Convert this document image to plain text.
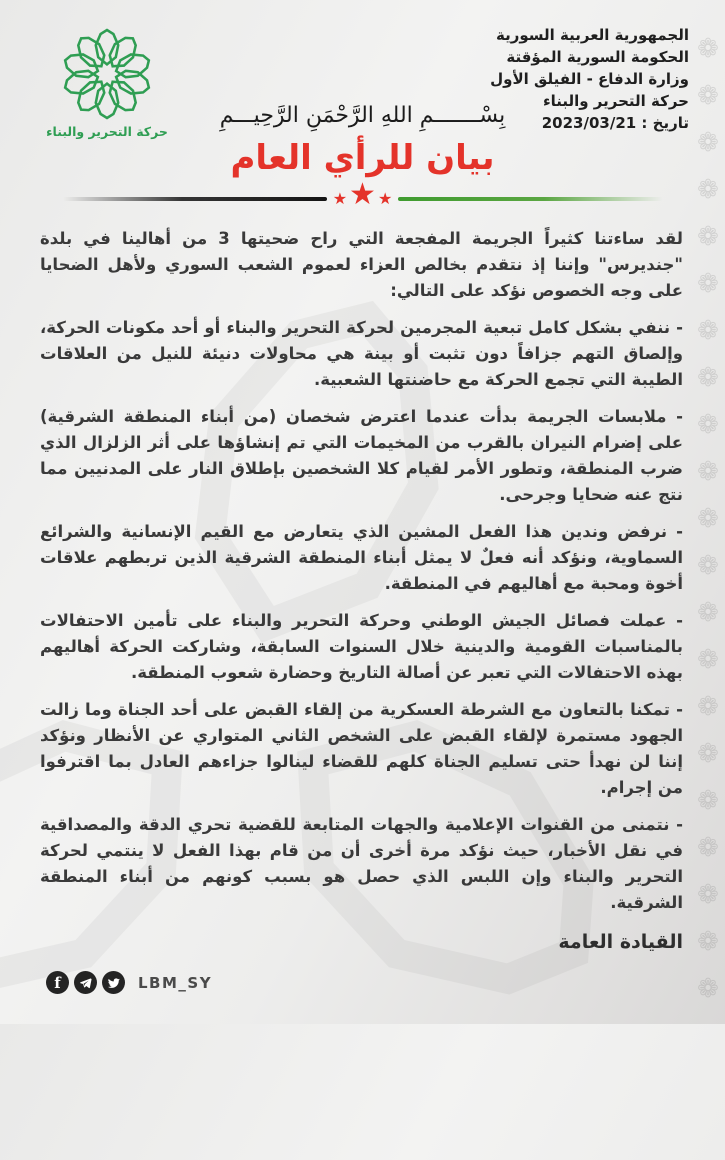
❁
❁
❁
❁
❁
❁
❁
❁
❁
❁
❁
❁
❁
❁
❁
❁
❁
❁
❁
❁
❁
الجمهورية العربية السورية
الحكومة السورية المؤقتة
وزارة الدفاع - الفيلق الأول
حركة التحرير والبناء
تاريخ : 2023/03/21
حركة التحرير والبناء
بِسْـــــــمِ اللهِ الرَّحْمَنِ الرَّحِيـــمِ
بيان للرأي العام
★ ★ ★

لقد ساءتنا كثيراً الجريمة المفجعة التي راح ضحيتها 3 من أهالينا في بلدة "جنديرس" وإننا إذ نتقدم بخالص العزاء لعموم الشعب السوري ولأهل الضحايا على وجه الخصوص نؤكد على التالي:

- ننفي بشكل كامل تبعية المجرمين لحركة التحرير والبناء أو أحد مكونات الحركة، وإلصاق التهم جزافاً دون تثبت أو بينة هي محاولات دنيئة للنيل من العلاقات الطيبة التي تجمع الحركة مع حاضنتها الشعبية.

- ملابسات الجريمة بدأت عندما اعترض شخصان (من أبناء المنطقة الشرقية) على إضرام النيران بالقرب من المخيمات التي تم إنشاؤها على أثر الزلزال الذي ضرب المنطقة، وتطور الأمر لقيام كلا الشخصين بإطلاق النار على المدنيين مما نتج عنه ضحايا وجرحى.

- نرفض وندين هذا الفعل المشين الذي يتعارض مع القيم الإنسانية والشرائع السماوية، ونؤكد أنه فعلٌ لا يمثل أبناء المنطقة الشرقية الذين تربطهم علاقات أخوة ومحبة مع أهاليهم في المنطقة.

- عملت فصائل الجيش الوطني وحركة التحرير والبناء على تأمين الاحتفالات بالمناسبات القومية والدينية خلال السنوات السابقة، وشاركت الحركة أهاليهم بهذه الاحتفالات التي تعبر عن أصالة التاريخ وحضارة شعوب المنطقة.

- تمكنا بالتعاون مع الشرطة العسكرية من إلقاء القبض على أحد الجناة وما زالت الجهود مستمرة لإلقاء القبض على الشخص الثاني المتواري عن الأنظار ونؤكد إننا لن نهدأ حتى تسليم الجناة كلهم للقضاء لينالوا جزاءهم العادل بما اقترفوا من إجرام.

- نتمنى من القنوات الإعلامية والجهات المتابعة للقضية تحري الدقة والمصداقية في نقل الأخبار، حيث نؤكد مرة أخرى أن من قام بهذا الفعل لا ينتمي لحركة التحرير والبناء وإن اللبس الذي حصل هو بسبب كونهم من أبناء المنطقة الشرقية.

القيادة العامة
f	LBM_SY
